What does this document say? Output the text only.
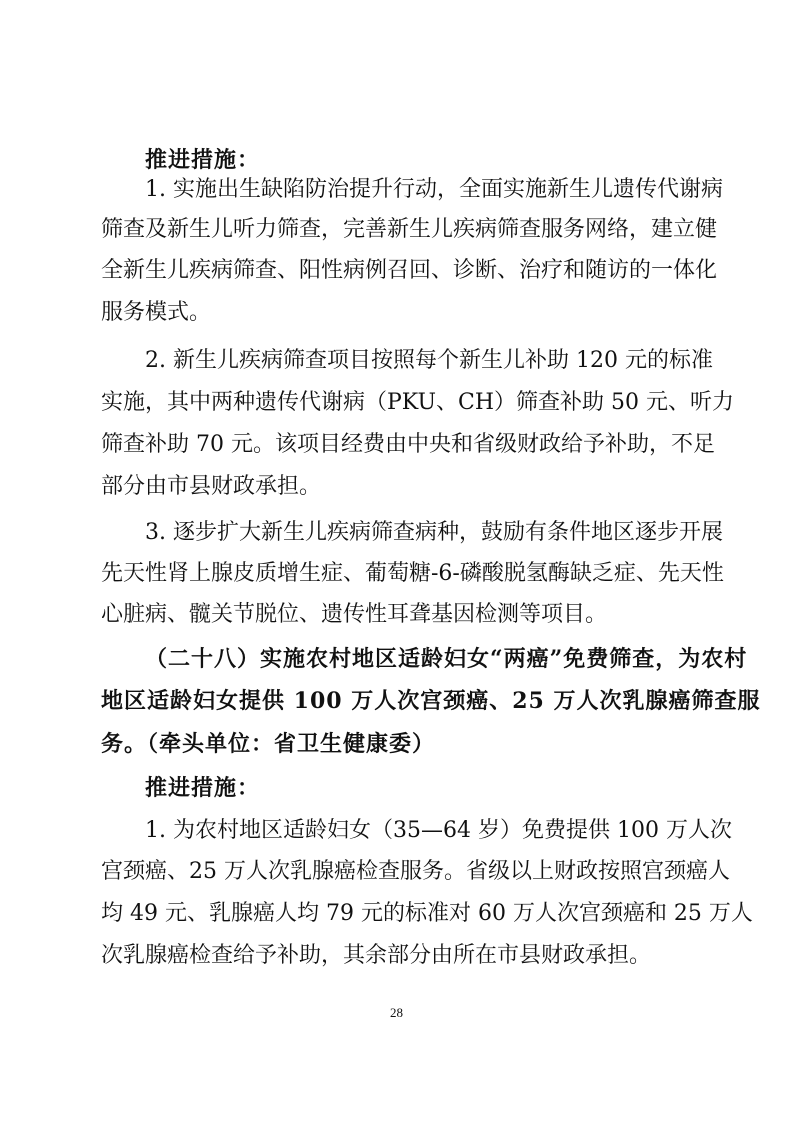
推进措施：
1. 实施出生缺陷防治提升行动，全面实施新生儿遗传代谢病
筛查及新生儿听力筛查，完善新生儿疾病筛查服务网络，建立健
全新生儿疾病筛查、阳性病例召回、诊断、治疗和随访的一体化
服务模式。
2. 新生儿疾病筛查项目按照每个新生儿补助 120 元的标准
实施，其中两种遗传代谢病（PKU、CH）筛查补助 50 元、听力
筛查补助 70 元。该项目经费由中央和省级财政给予补助，不足
部分由市县财政承担。
3. 逐步扩大新生儿疾病筛查病种，鼓励有条件地区逐步开展
先天性肾上腺皮质增生症、葡萄糖-6-磷酸脱氢酶缺乏症、先天性
心脏病、髋关节脱位、遗传性耳聋基因检测等项目。
（二十八）实施农村地区适龄妇女“两癌”免费筛查，为农村
地区适龄妇女提供 100 万人次宫颈癌、25 万人次乳腺癌筛查服
务。（牵头单位：省卫生健康委）
推进措施：
1. 为农村地区适龄妇女（35—64 岁）免费提供 100 万人次
宫颈癌、25 万人次乳腺癌检查服务。省级以上财政按照宫颈癌人
均 49 元、乳腺癌人均 79 元的标准对 60 万人次宫颈癌和 25 万人
次乳腺癌检查给予补助，其余部分由所在市县财政承担。
28
